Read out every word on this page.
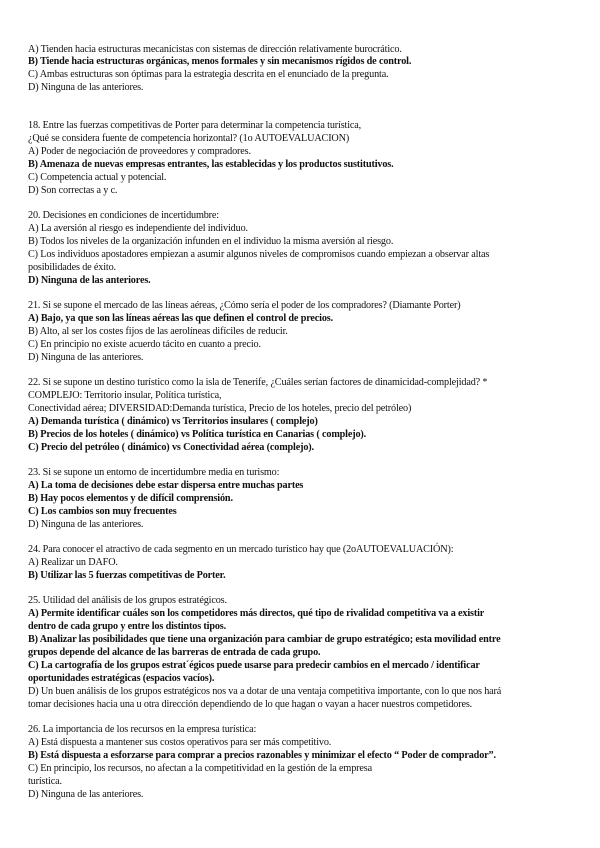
A) Tienden hacia estructuras mecanicistas con sistemas de dirección relativamente burocrático.
B) Tiende hacia estructuras orgánicas, menos formales y sin mecanismos rígidos de control.
C) Ambas estructuras son óptimas para la estrategia descrita en el enunciado de la pregunta.
D) Ninguna de las anteriores.
18. Entre las fuerzas competitivas de Porter para determinar la competencia turística,
¿Qué se considera fuente de competencia horizontal? (1o AUTOEVALUACION)
A) Poder de negociación de proveedores y compradores.
B) Amenaza de nuevas empresas entrantes, las establecidas y los productos sustitutivos.
C) Competencia actual y potencial.
D) Son correctas a y c.
20. Decisiones en condiciones de incertidumbre:
A) La aversión al riesgo es independiente del individuo.
B) Todos los niveles de la organización infunden en el individuo la misma aversión al riesgo.
C) Los individuos apostadores empiezan a asumir algunos niveles de compromisos cuando empiezan a observar altas
posibilidades de éxito.
D) Ninguna de las anteriores.
21. Si se supone el mercado de las líneas aéreas, ¿Cómo sería el poder de los compradores? (Diamante Porter)
A) Bajo, ya que son las líneas aéreas las que definen el control de precios.
B) Alto, al ser los costes fijos de las aerolíneas difíciles de reducir.
C) En principio no existe acuerdo tácito en cuanto a precio.
D) Ninguna de las anteriores.
22. Si se supone un destino turístico como la isla de Tenerife, ¿Cuáles serían factores de dinamicidad-complejidad? *
COMPLEJO: Territorio insular, Política turística,
Conectividad aérea; DIVERSIDAD:Demanda turística, Precio de los hoteles, precio del petróleo)
A) Demanda turística ( dinámico) vs Territorios insulares ( complejo)
B) Precios de los hoteles ( dinámico) vs Política turística en Canarias ( complejo).
C) Precio del petróleo ( dinámico) vs Conectividad aérea (complejo).
23. Si se supone un entorno de incertidumbre media en turismo:
A) La toma de decisiones debe estar dispersa entre muchas partes
B) Hay pocos elementos y de difícil comprensión.
C) Los cambios son muy frecuentes
D) Ninguna de las anteriores.
24. Para conocer el atractivo de cada segmento en un mercado turístico hay que (2oAUTOEVALUACIÓN):
A) Realizar un DAFO.
B) Utilizar las 5 fuerzas competitivas de Porter.
25. Utilidad del análisis de los grupos estratégicos.
A) Permite identificar cuáles son los competidores más directos, qué tipo de rivalidad competitiva va a existir
dentro de cada grupo y entre los distintos tipos.
B) Analizar las posibilidades que tiene una organización para cambiar de grupo estratégico; esta movilidad entre
grupos depende del alcance de las barreras de entrada de cada grupo.
C) La cartografía de los grupos estrat´égicos puede usarse para predecir cambios en el mercado / identificar
oportunidades estratégicas (espacios vacíos).
D) Un buen análisis de los grupos estratégicos nos va a dotar de una ventaja competitiva importante, con lo que nos hará
tomar decisiones hacia una u otra dirección dependiendo de lo que hagan o vayan a hacer nuestros competidores.
26. La importancia de los recursos en la empresa turística:
A) Está dispuesta a mantener sus costos operativos para ser más competitivo.
B) Está dispuesta a esforzarse para comprar a precios razonables y minimizar el efecto “ Poder de comprador”.
C) En principio, los recursos, no afectan a la competitividad en la gestión de la empresa
turística.
D) Ninguna de las anteriores.
